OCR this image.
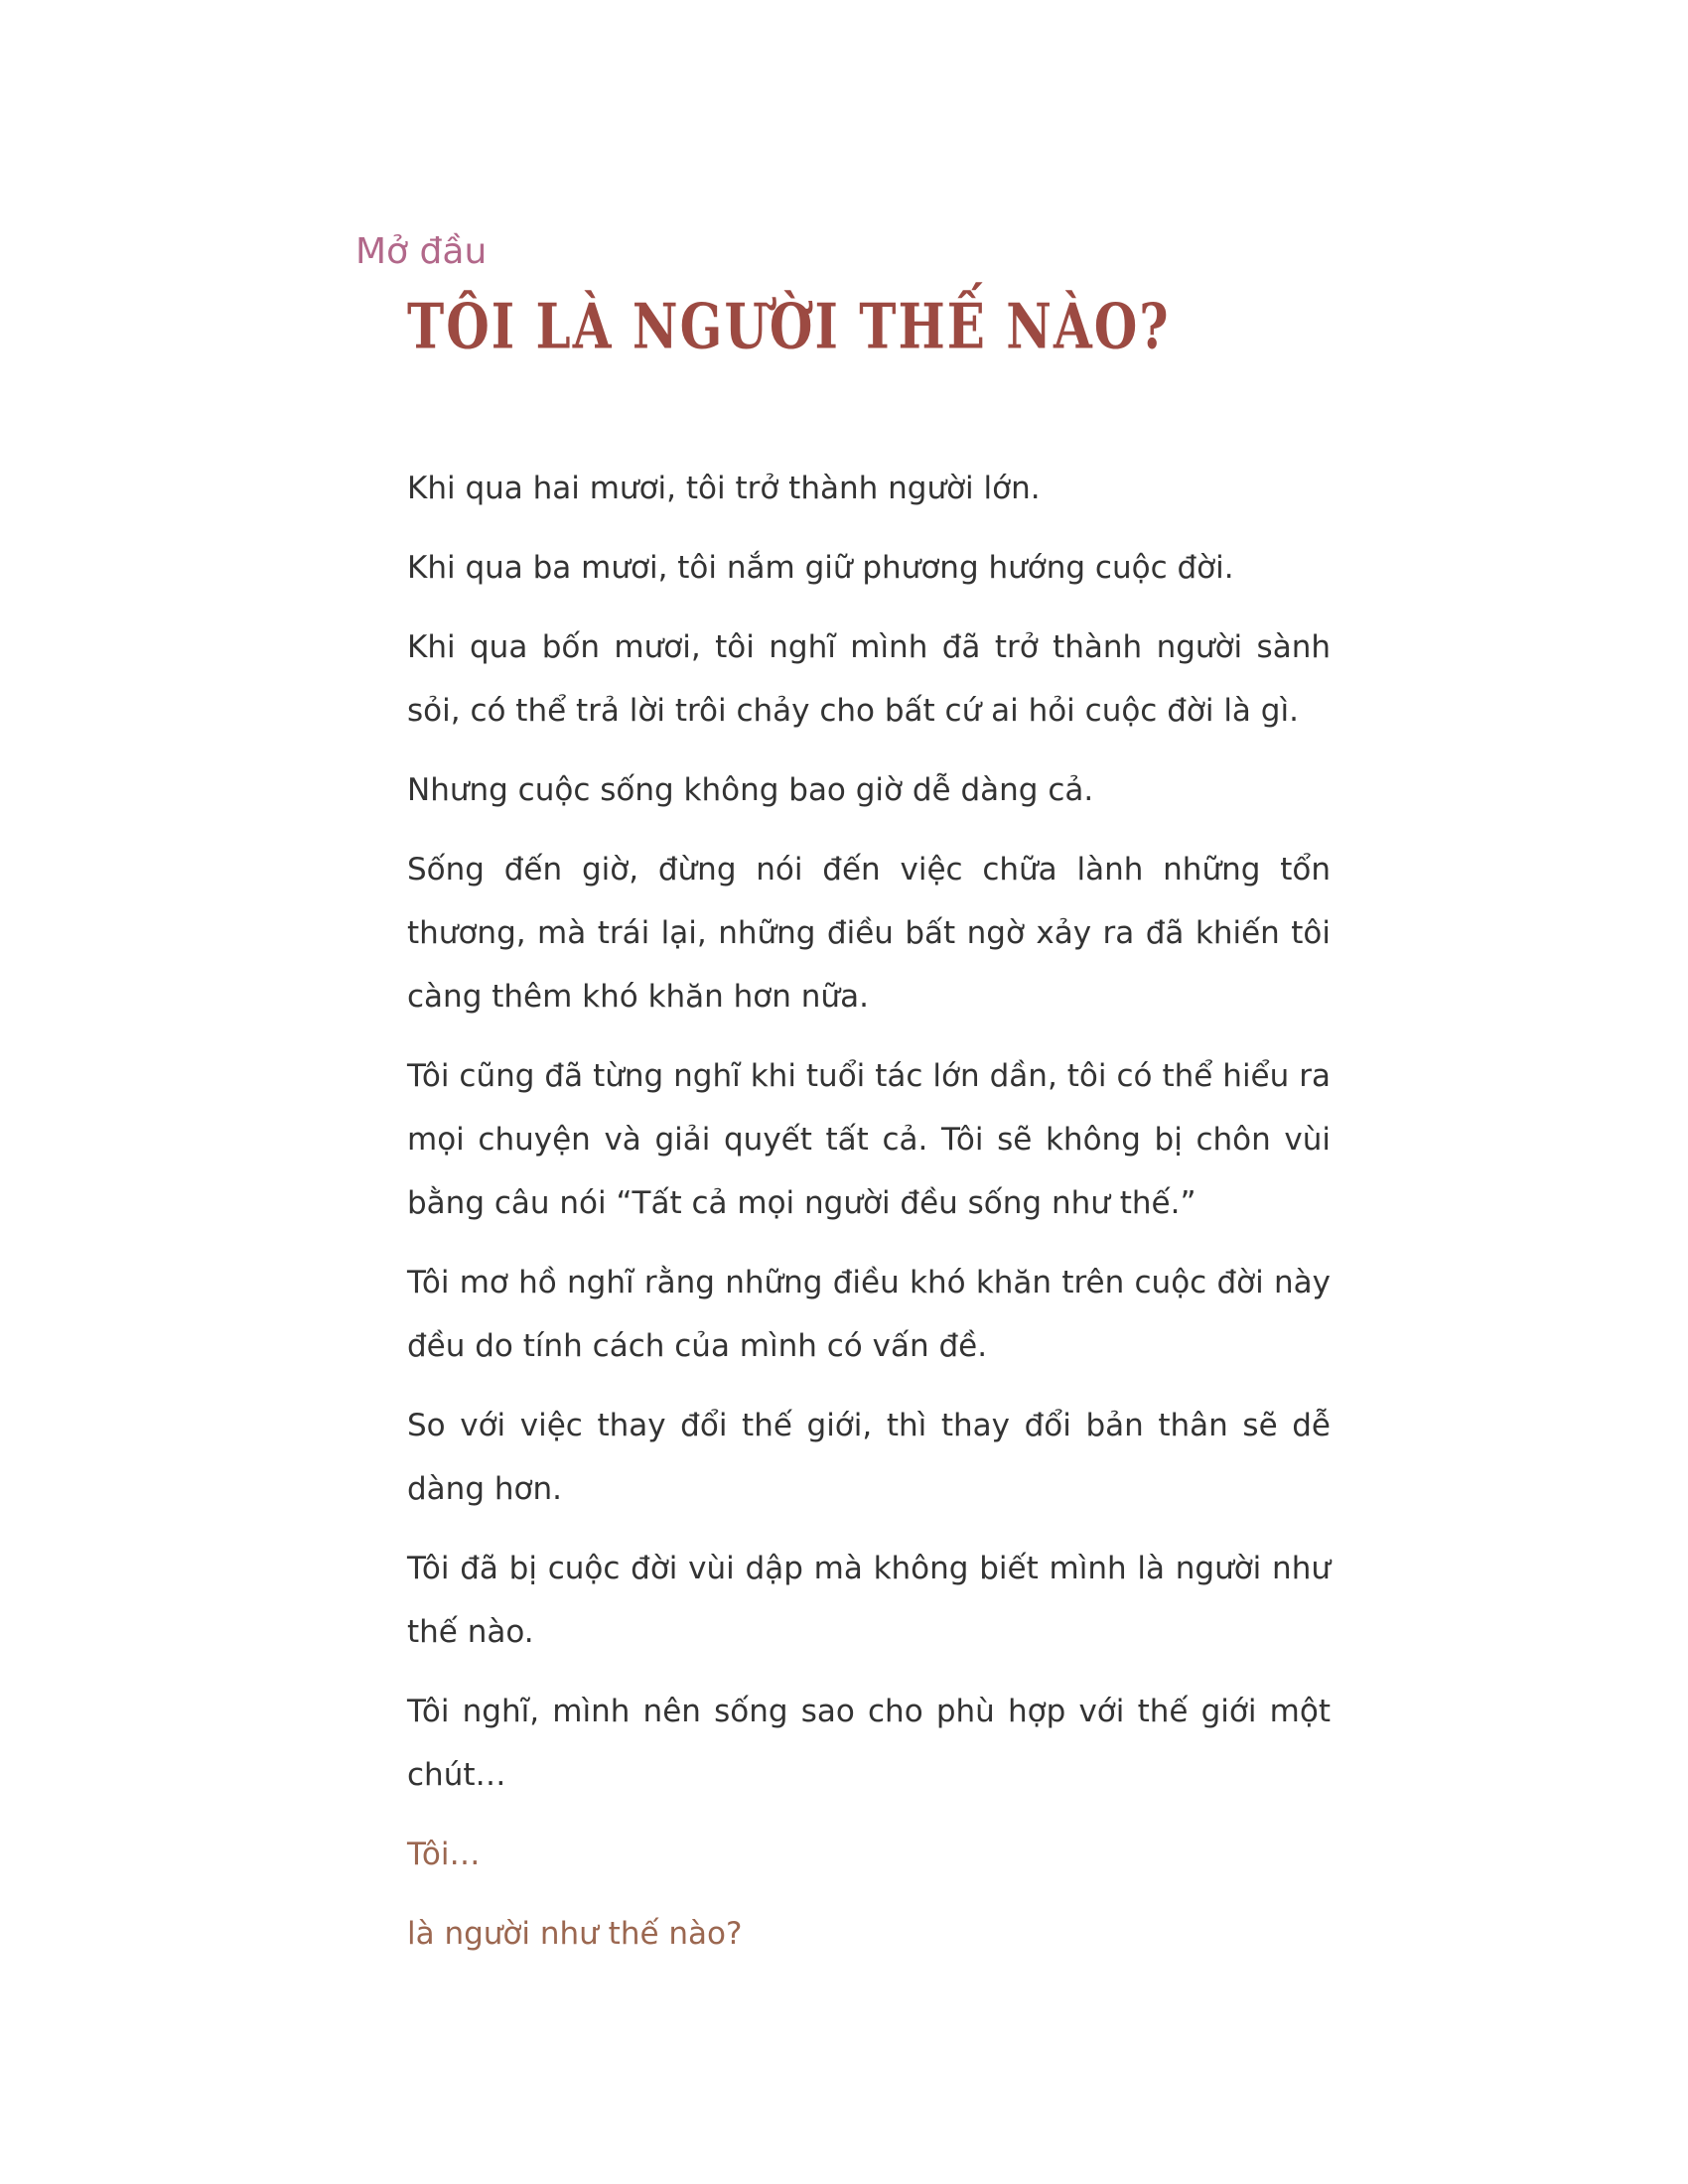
Mở đầu
TÔI LÀ NGƯỜI THẾ NÀO?

Khi qua hai mươi, tôi trở thành người lớn.

Khi qua ba mươi, tôi nắm giữ phương hướng cuộc đời.

Khi qua bốn mươi, tôi nghĩ mình đã trở thành người sành sỏi, có thể trả lời trôi chảy cho bất cứ ai hỏi cuộc đời là gì.

Nhưng cuộc sống không bao giờ dễ dàng cả.

Sống đến giờ, đừng nói đến việc chữa lành những tổn thương, mà trái lại, những điều bất ngờ xảy ra đã khiến tôi càng thêm khó khăn hơn nữa.

Tôi cũng đã từng nghĩ khi tuổi tác lớn dần, tôi có thể hiểu ra mọi chuyện và giải quyết tất cả. Tôi sẽ không bị chôn vùi bằng câu nói “Tất cả mọi người đều sống như thế.”

Tôi mơ hồ nghĩ rằng những điều khó khăn trên cuộc đời này đều do tính cách của mình có vấn đề.

So với việc thay đổi thế giới, thì thay đổi bản thân sẽ dễ dàng hơn.

Tôi đã bị cuộc đời vùi dập mà không biết mình là người như thế nào.

Tôi nghĩ, mình nên sống sao cho phù hợp với thế giới một chút…

Tôi…

là người như thế nào?
